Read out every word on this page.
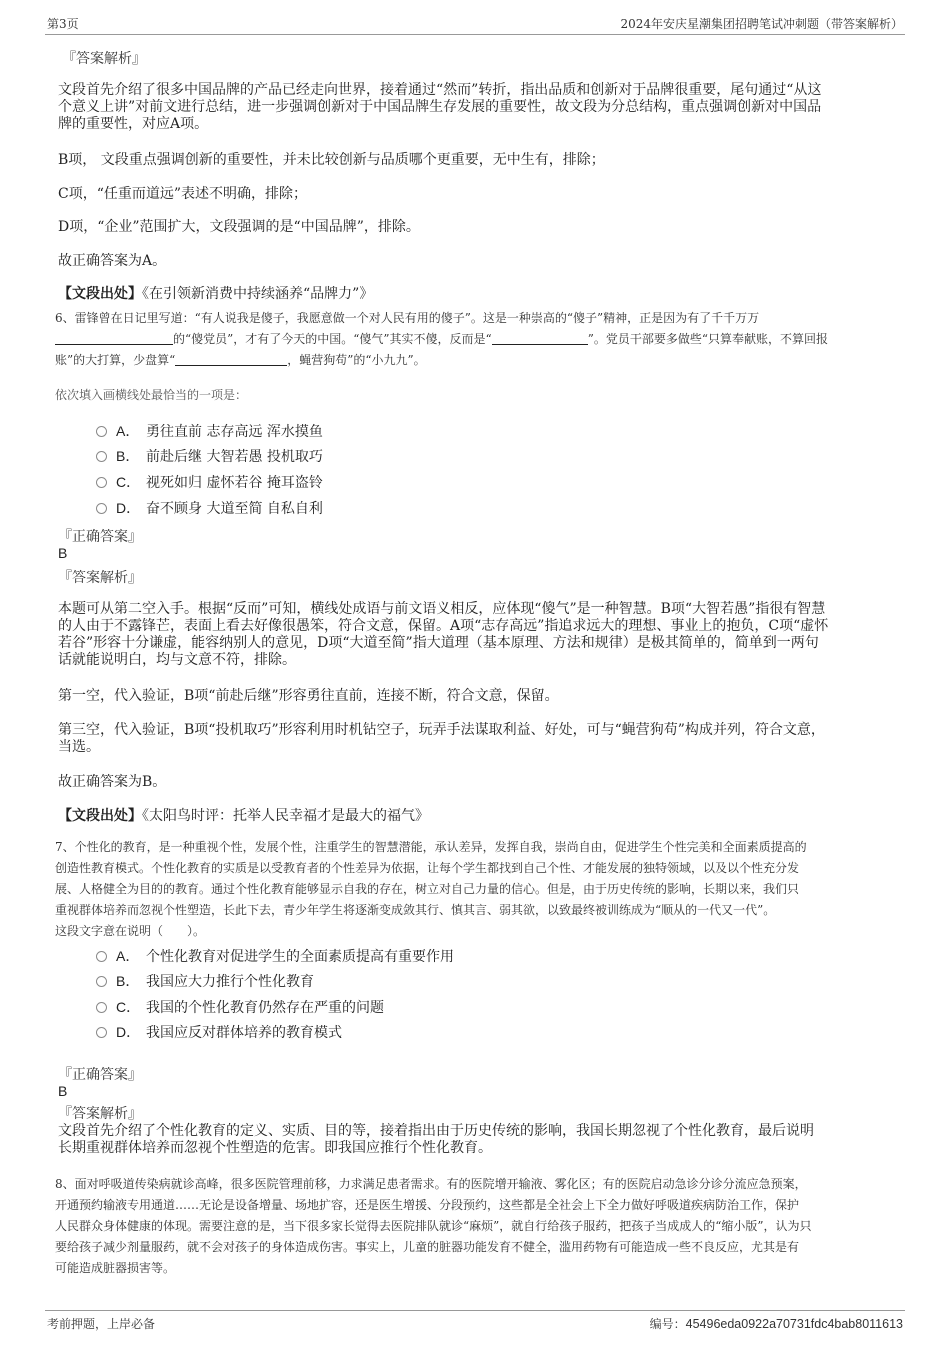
第3页	2024年安庆星潮集团招聘笔试冲刺题（带答案解析）
『答案解析』
文段首先介绍了很多中国品牌的产品已经走向世界，接着通过“然而”转折，指出品质和创新对于品牌很重要，尾句通过“从这
个意义上讲”对前文进行总结，进一步强调创新对于中国品牌生存发展的重要性，故文段为分总结构，重点强调创新对中国品
牌的重要性，对应A项。
B项， 文段重点强调创新的重要性，并未比较创新与品质哪个更重要，无中生有，排除；
C项，“任重而道远”表述不明确，排除；
D项，“企业”范围扩大，文段强调的是“中国品牌”，排除。
故正确答案为A。
【文段出处】《在引领新消费中持续涵养“品牌力”》
6、雷锋曾在日记里写道：“有人说我是傻子，我愿意做一个对人民有用的傻子”。这是一种崇高的“傻子”精神，正是因为有了千千万万
的“傻党员”，才有了今天的中国。“傻气”其实不傻，反而是“	”。党员干部要多做些“只算奉献账，不算回报
账”的大打算，少盘算“	，蝇营狗苟”的“小九九”。
依次填入画横线处最恰当的一项是：
A． 勇往直前 志存高远 浑水摸鱼
B． 前赴后继 大智若愚 投机取巧
C． 视死如归 虚怀若谷 掩耳盗铃
D． 奋不顾身 大道至简 自私自利
『正确答案』
B
『答案解析』
本题可从第二空入手。根据“反而”可知，横线处成语与前文语义相反，应体现“傻气”是一种智慧。B项“大智若愚”指很有智慧
的人由于不露锋芒，表面上看去好像很愚笨，符合文意，保留。A项“志存高远”指追求远大的理想、事业上的抱负，C项“虚怀
若谷”形容十分谦虚，能容纳别人的意见，D项“大道至简”指大道理（基本原理、方法和规律）是极其简单的，简单到一两句
话就能说明白，均与文意不符，排除。
第一空，代入验证，B项“前赴后继”形容勇往直前，连接不断，符合文意，保留。
第三空，代入验证，B项“投机取巧”形容利用时机钻空子，玩弄手法谋取利益、好处，可与“蝇营狗苟”构成并列，符合文意，
当选。
故正确答案为B。
【文段出处】《太阳鸟时评：托举人民幸福才是最大的福气》
7、个性化的教育，是一种重视个性，发展个性，注重学生的智慧潜能，承认差异，发挥自我，崇尚自由，促进学生个性完美和全面素质提高的
创造性教育模式。个性化教育的实质是以受教育者的个性差异为依据，让每个学生都找到自己个性、才能发展的独特领域，以及以个性充分发
展、人格健全为目的的教育。通过个性化教育能够显示自我的存在，树立对自己力量的信心。但是，由于历史传统的影响，长期以来，我们只
重视群体培养而忽视个性塑造，长此下去，青少年学生将逐渐变成敛其行、慎其言、弱其欲，以致最终被训练成为“顺从的一代又一代”。
这段文字意在说明（　　）。
A． 个性化教育对促进学生的全面素质提高有重要作用
B． 我国应大力推行个性化教育
C． 我国的个性化教育仍然存在严重的问题
D． 我国应反对群体培养的教育模式
『正确答案』
B
『答案解析』
文段首先介绍了个性化教育的定义、实质、目的等，接着指出由于历史传统的影响，我国长期忽视了个性化教育，最后说明
长期重视群体培养而忽视个性塑造的危害。即我国应推行个性化教育。
8、面对呼吸道传染病就诊高峰，很多医院管理前移，力求满足患者需求。有的医院增开输液、雾化区；有的医院启动急诊分诊分流应急预案，
开通预约输液专用通道……无论是设备增量、场地扩容，还是医生增援、分段预约，这些都是全社会上下全力做好呼吸道疾病防治工作，保护
人民群众身体健康的体现。需要注意的是，当下很多家长觉得去医院排队就诊“麻烦”，就自行给孩子服药，把孩子当成成人的“缩小版”，认为只
要给孩子减少剂量服药，就不会对孩子的身体造成伤害。事实上，儿童的脏器功能发育不健全，滥用药物有可能造成一些不良反应，尤其是有
可能造成脏器损害等。
考前押题，上岸必备	编号：45496eda0922a70731fdc4bab8011613
